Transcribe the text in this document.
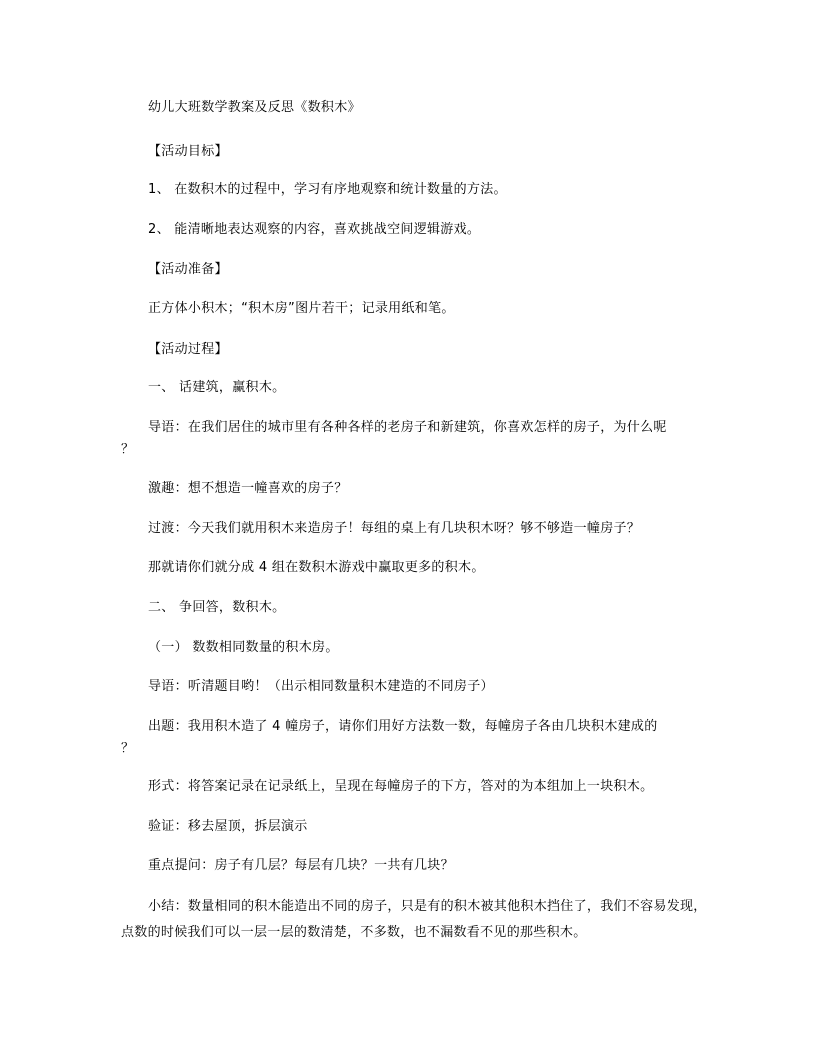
幼儿大班数学教案及反思《数积木》
【活动目标】
1、 在数积木的过程中，学习有序地观察和统计数量的方法。
2、 能清晰地表达观察的内容，喜欢挑战空间逻辑游戏。
【活动准备】
正方体小积木；“积木房”图片若干；记录用纸和笔。
【活动过程】
一、 话建筑，赢积木。
导语：在我们居住的城市里有各种各样的老房子和新建筑，你喜欢怎样的房子，为什么呢
？
激趣：想不想造一幢喜欢的房子？
过渡：今天我们就用积木来造房子！每组的桌上有几块积木呀？够不够造一幢房子？
那就请你们就分成 4 组在数积木游戏中赢取更多的积木。
二、 争回答，数积木。
（一） 数数相同数量的积木房。
导语：听清题目哟！（出示相同数量积木建造的不同房子）
出题：我用积木造了 4 幢房子，请你们用好方法数一数，每幢房子各由几块积木建成的
？
形式：将答案记录在记录纸上，呈现在每幢房子的下方，答对的为本组加上一块积木。
验证：移去屋顶，拆层演示
重点提问：房子有几层？每层有几块？一共有几块？
小结：数量相同的积木能造出不同的房子，只是有的积木被其他积木挡住了，我们不容易发现，点数的时候我们可以一层一层的数清楚，不多数，也不漏数看不见的那些积木。
